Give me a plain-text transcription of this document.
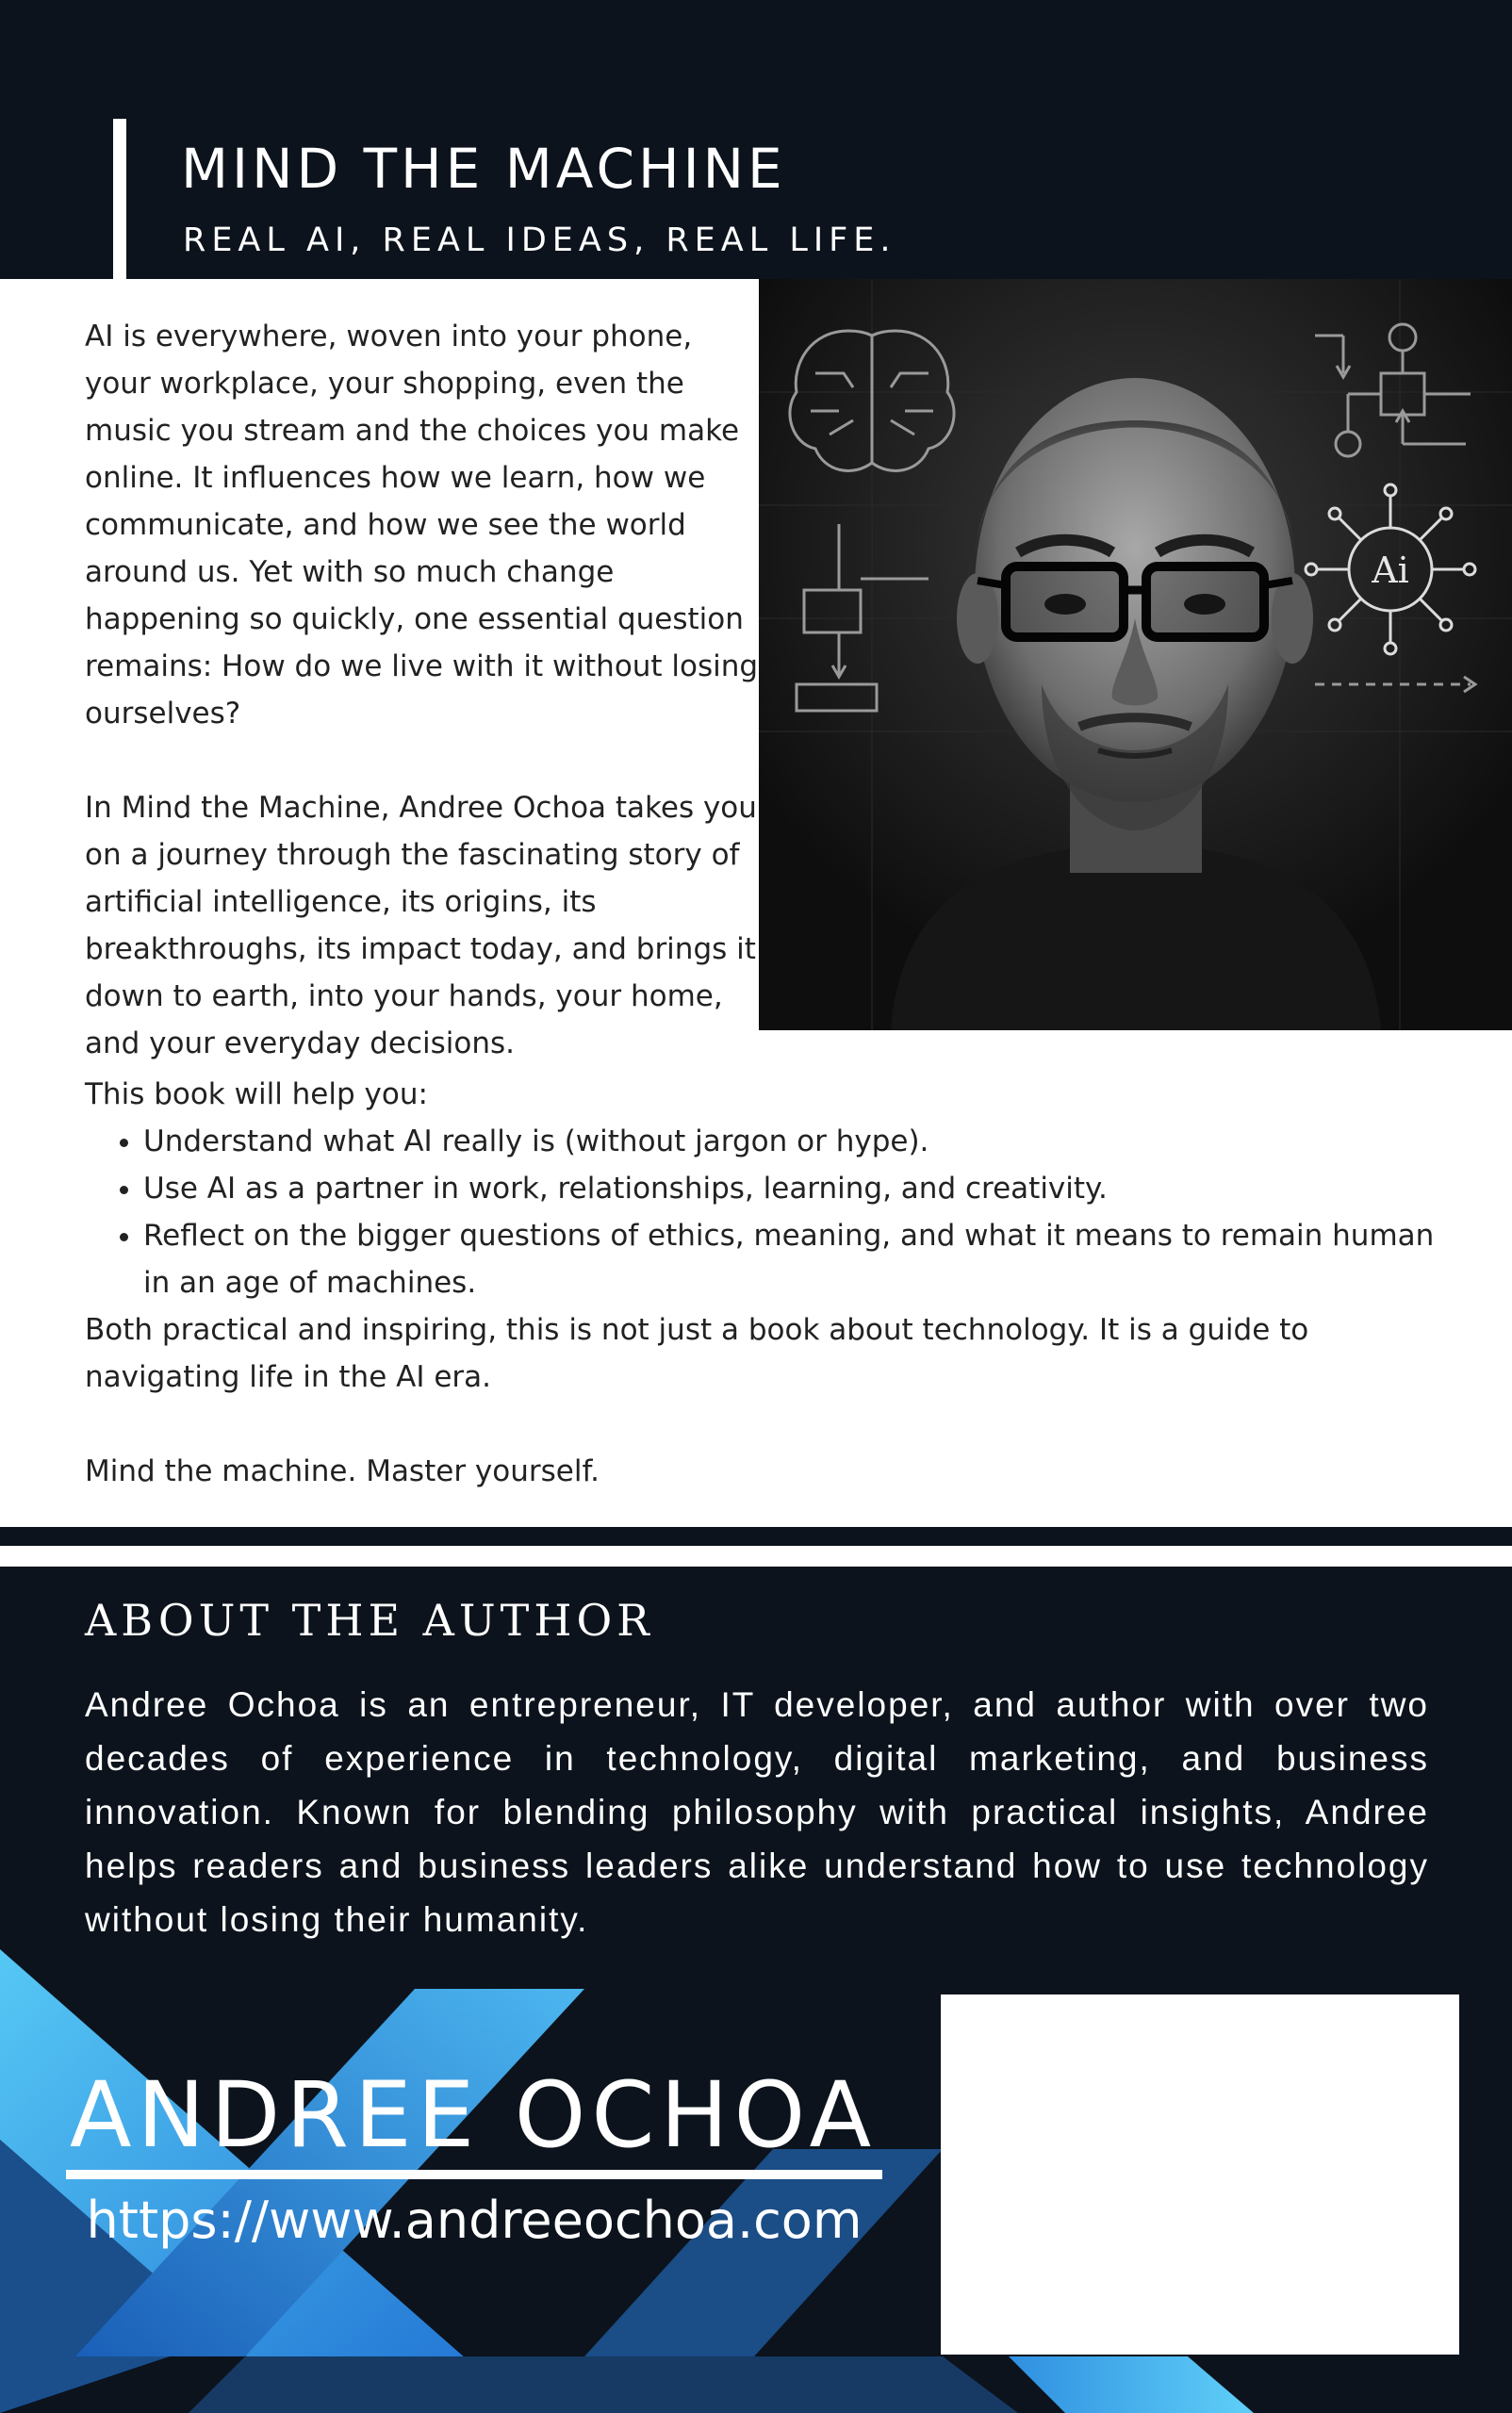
MIND THE MACHINE
REAL AI, REAL IDEAS, REAL LIFE.

AI is everywhere, woven into your phone, your workplace, your shopping, even the music you stream and the choices you make online. It influences how we learn, how we communicate, and how we see the world around us. Yet with so much change happening so quickly, one essential question remains: How do we live with it without losing ourselves?

In Mind the Machine, Andree Ochoa takes you on a journey through the fascinating story of artificial intelligence, its origins, its breakthroughs, its impact today, and brings it down to earth, into your hands, your home, and your everyday decisions.

Ai

This book will help you:

• Understand what AI really is (without jargon or hype).
• Use AI as a partner in work, relationships, learning, and creativity.
• Reflect on the bigger questions of ethics, meaning, and what it means to remain human in an age of machines.

Both practical and inspiring, this is not just a book about technology. It is a guide to navigating life in the AI era.

Mind the machine. Master yourself.

ABOUT THE AUTHOR

Andree Ochoa is an entrepreneur, IT developer, and author with over two decades of experience in technology, digital marketing, and business innovation. Known for blending philosophy with practical insights, Andree helps readers and business leaders alike understand how to use technology without losing their humanity.

ANDREE OCHOA
https://www.andreeochoa.com
